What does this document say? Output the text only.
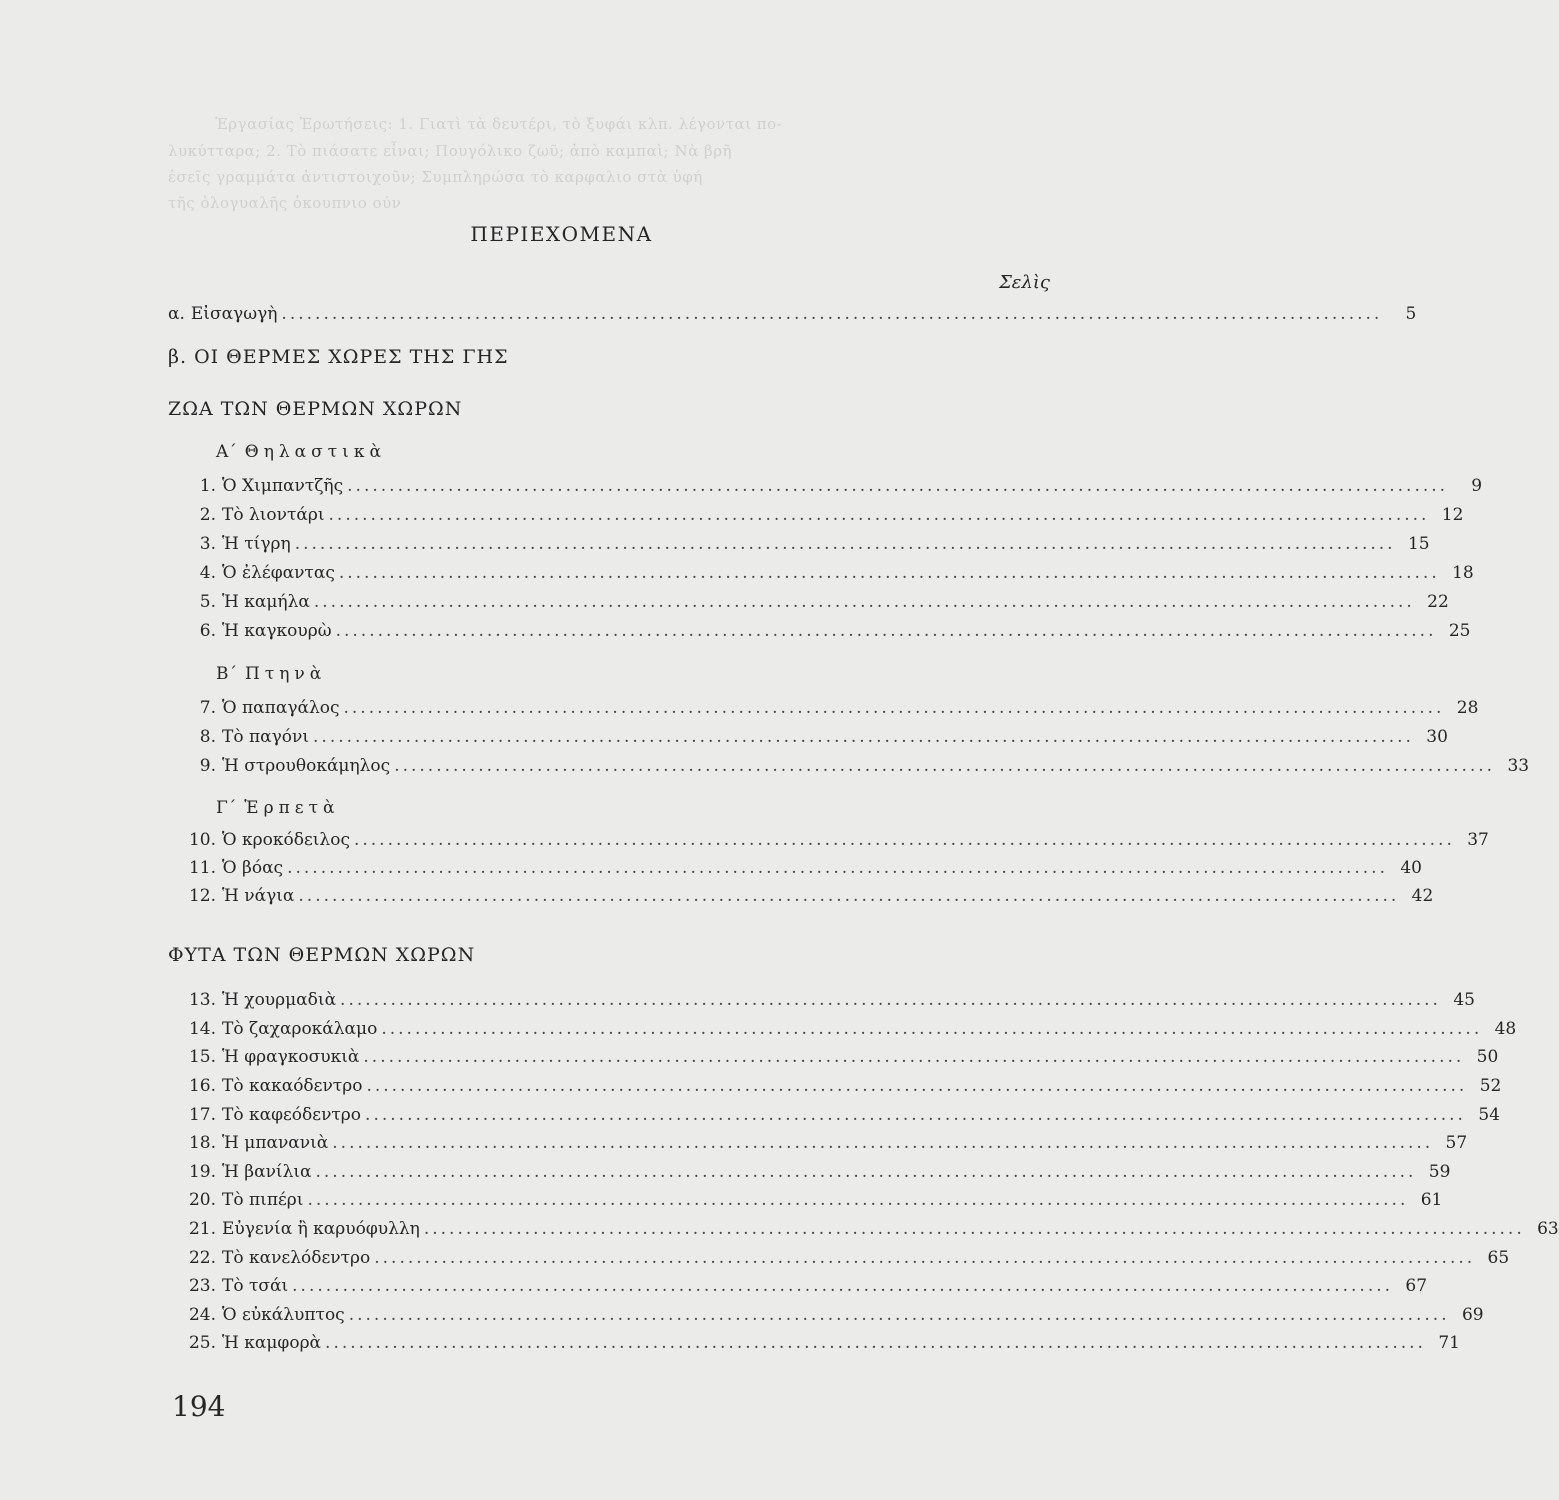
Ἐργασίας Ἐρωτήσεις: 1. Γιατὶ τὰ δευτέρι, τὸ ξυφάι κλπ. λέγονται πο-
λυκύτταρα; 2. Τὸ πιάσατε εἶναι; Πουγόλικο ζωῦ; ἀπὸ καμπαὶ; Νὰ βρῆ
ἐσεῖς γραμμάτα ἀντιστοιχοῦν; Συμπληρώσα τὸ καρφαλιο στὰ ὑφή
τῆς ὀλογυαλῆς ὀκουπνιο ούν
ΠΕΡΙΕΧΟΜΕΝΑ
Σελὶς
α. Εἰσαγωγὴ ...................................................................................................................................	5
β. ΟΙ ΘΕΡΜΕΣ ΧΩΡΕΣ ΤΗΣ ΓΗΣ
ΖΩΑ ΤΩΝ ΘΕΡΜΩΝ ΧΩΡΩΝ
Α΄ Θηλαστικὰ
1. Ὁ Χιμπαντζῆς ...................................................................................................................................	9
2. Τὸ λιοντάρι ................................................................................................................................... 12
3. Ἡ τίγρη ................................................................................................................................... 15
4. Ὁ ἐλέφαντας ................................................................................................................................... 18
5. Ἡ καμήλα ................................................................................................................................... 22
6. Ἡ καγκουρὼ ................................................................................................................................... 25
Β΄ Πτηνὰ
7. Ὁ παπαγάλος ................................................................................................................................... 28
8. Τὸ παγόνι ................................................................................................................................... 30
9. Ἡ στρουθοκάμηλος ................................................................................................................................... 33
Γ΄ Ἑρπετὰ
10. Ὁ κροκόδειλος ................................................................................................................................... 37
11. Ὁ βόας ................................................................................................................................... 40
12. Ἡ νάγια ................................................................................................................................... 42
ΦΥΤΑ ΤΩΝ ΘΕΡΜΩΝ ΧΩΡΩΝ
13. Ἡ χουρμαδιὰ ................................................................................................................................... 45
14. Τὸ ζαχαροκάλαμο ................................................................................................................................... 48
15. Ἡ φραγκοσυκιὰ ................................................................................................................................... 50
16. Τὸ κακαόδεντρο ................................................................................................................................... 52
17. Τὸ καφεόδεντρο ................................................................................................................................... 54
18. Ἡ μπανανιὰ ................................................................................................................................... 57
19. Ἡ βανίλια ................................................................................................................................... 59
20. Τὸ πιπέρι ................................................................................................................................... 61
21. Εὐγενία ἢ καρυόφυλλη ................................................................................................................................... 63
22. Τὸ κανελόδεντρο ................................................................................................................................... 65
23. Τὸ τσάι ................................................................................................................................... 67
24. Ὁ εὐκάλυπτος ................................................................................................................................... 69
25. Ἡ καμφορὰ ................................................................................................................................... 71
194
